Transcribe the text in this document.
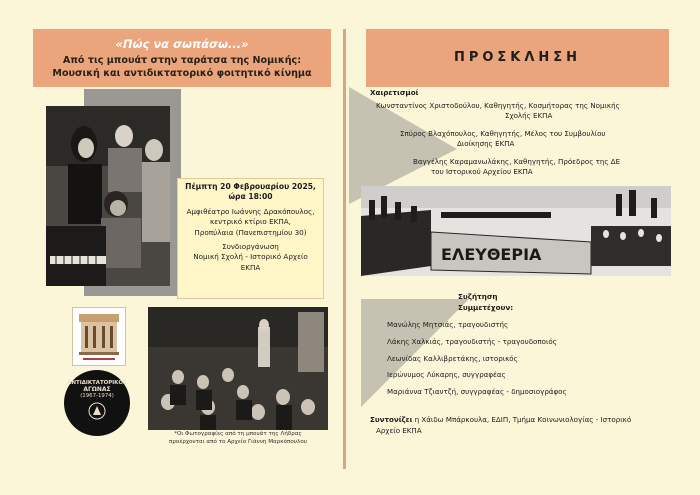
«Πώς να σωπάσω...»
Από τις μπουάτ στην ταράτσα της Νομικής:
Μουσική και αντιδικτατορικό φοιτητικό κίνημα
Πέμπτη 20 Φεβρουαρίου 2025,
ώρα 18:00
Αμφιθέατρο Ιωάννης Δρακόπουλος,
κεντρικό κτίριο ΕΚΠΑ,
Προπύλαια (Πανεπιστημίου 30)
Συνδιοργάνωση
Νομική Σχολή - Ιστορικό Αρχείο
ΕΚΠΑ
ΑΝΤΙΔΙΚΤΑΤΟΡΙΚΟΣ
ΑΓΩΝΑΣ
(1967-1974)
*Οι Φωτογραφίες από τη μπουάτ της Λήδρας
προέρχονται από το Αρχείο Γιάννη Μαρκόπουλου
ΠΡΟΣΚΛΗΣΗ
Χαιρετισμοί
Κωνσταντίνος Χριστοδούλου, Καθηγητής, Κοσμήτορας της Νομικής
Σχολής ΕΚΠΑ
Σπύρος Βλαχόπουλος, Καθηγητής, Μέλος του Συμβουλίου
Διοίκησης ΕΚΠΑ
Βαγγέλης Καραμανωλάκης, Καθηγητής, Πρόεδρος της ΔΕ
του Ιστορικού Αρχείου ΕΚΠΑ
ΕΛΕΥΘΕΡΙΑ
Συζήτηση
Συμμετέχουν:
Μανώλης Μητσιάς, τραγουδιστής
Λάκης Χαλκιάς, τραγουδιστής - τραγουδοποιός
Λεωνίδας Καλλιβρετάκης, ιστορικός
Ιερώνυμος Λύκαρης, συγγραφέας
Μαριάννα Τζιαντζή, συγγραφέας - δημοσιογράφος
Συντονίζει η Χάιδω Μπάρκουλα, ΕΔΙΠ, Τμήμα Κοινωνιολογίας - Ιστορικό
Αρχείο ΕΚΠΑ
